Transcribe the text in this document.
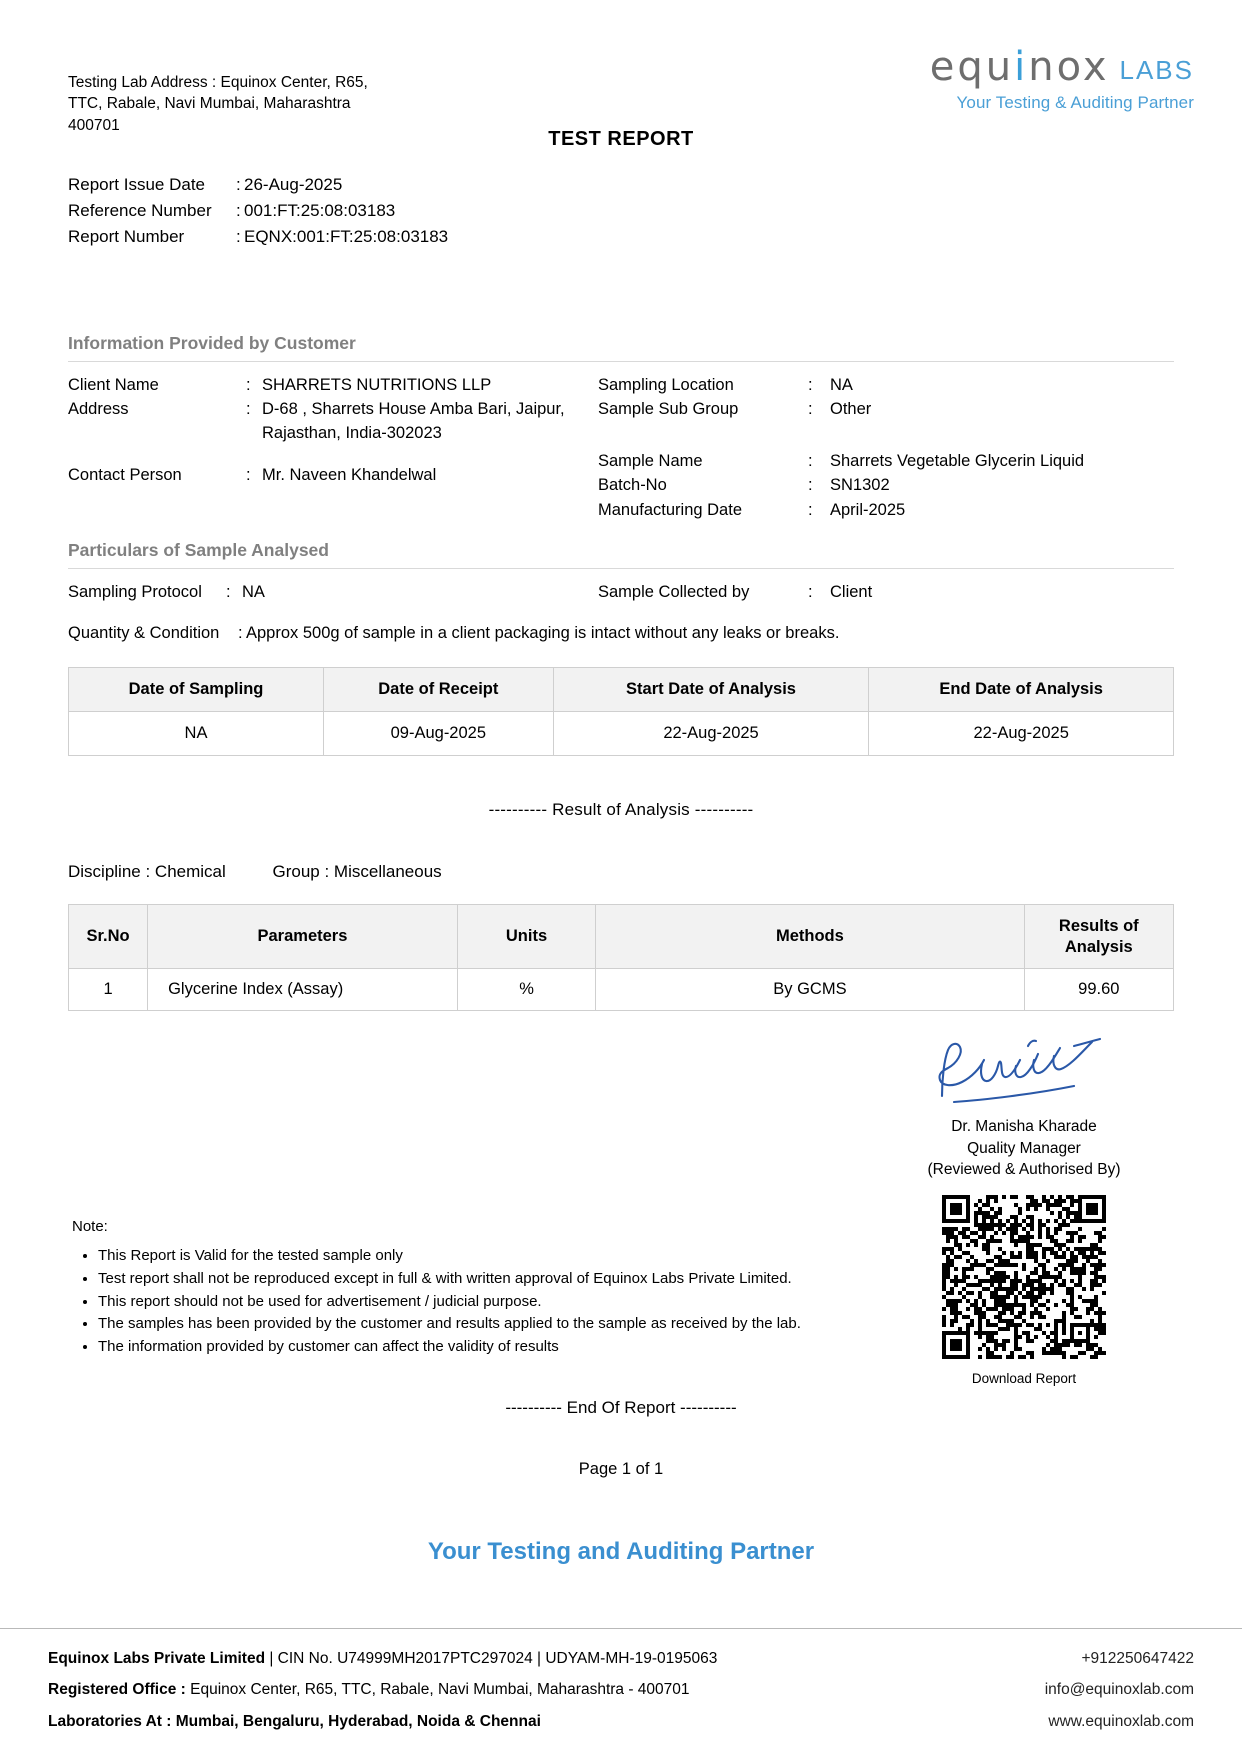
Testing Lab Address : Equinox Center, R65, TTC, Rabale, Navi Mumbai, Maharashtra 400701
equinox LABS
Your Testing & Auditing Partner
TEST REPORT
Report Issue Date	: 26-Aug-2025
Reference Number	: 001:FT:25:08:03183
Report Number	: EQNX:001:FT:25:08:03183
Information Provided by Customer
Client Name	: SHARRETS NUTRITIONS LLP
Address	: D-68 , Sharrets House Amba Bari, Jaipur, Rajasthan, India-302023
Contact Person	: Mr. Naveen Khandelwal
Sampling Location	:	NA
Sample Sub Group	:	Other
Sample Name	:	Sharrets Vegetable Glycerin Liquid
Batch-No	:	SN1302
Manufacturing Date	:	April-2025
Particulars of Sample Analysed
Sampling Protocol	: NA	Sample Collected by	:	Client
Quantity & Condition	: Approx 500g of sample in a client packaging is intact without any leaks or breaks.
Date of Sampling	Date of Receipt	Start Date of Analysis	End Date of Analysis
NA	09-Aug-2025	22-Aug-2025	22-Aug-2025
---------- Result of Analysis ----------
Discipline : Chemical	Group : Miscellaneous
Sr.No	Parameters	Units	Methods	Results of
Analysis
1	Glycerine Index (Assay)	%	By GCMS	99.60
Dr. Manisha Kharade
Quality Manager
(Reviewed & Authorised By)
Download Report
Note:
• This Report is Valid for the tested sample only
• Test report shall not be reproduced except in full & with written approval of Equinox Labs Private Limited.
• This report should not be used for advertisement / judicial purpose.
• The samples has been provided by the customer and results applied to the sample as received by the lab.
• The information provided by customer can affect the validity of results
---------- End Of Report ----------
Page 1 of 1
Your Testing and Auditing Partner
Equinox Labs Private Limited | CIN No. U74999MH2017PTC297024 | UDYAM-MH-19-0195063	+912250647422
Registered Office : Equinox Center, R65, TTC, Rabale, Navi Mumbai, Maharashtra - 400701	info@equinoxlab.com
Laboratories At : Mumbai, Bengaluru, Hyderabad, Noida & Chennai	www.equinoxlab.com
